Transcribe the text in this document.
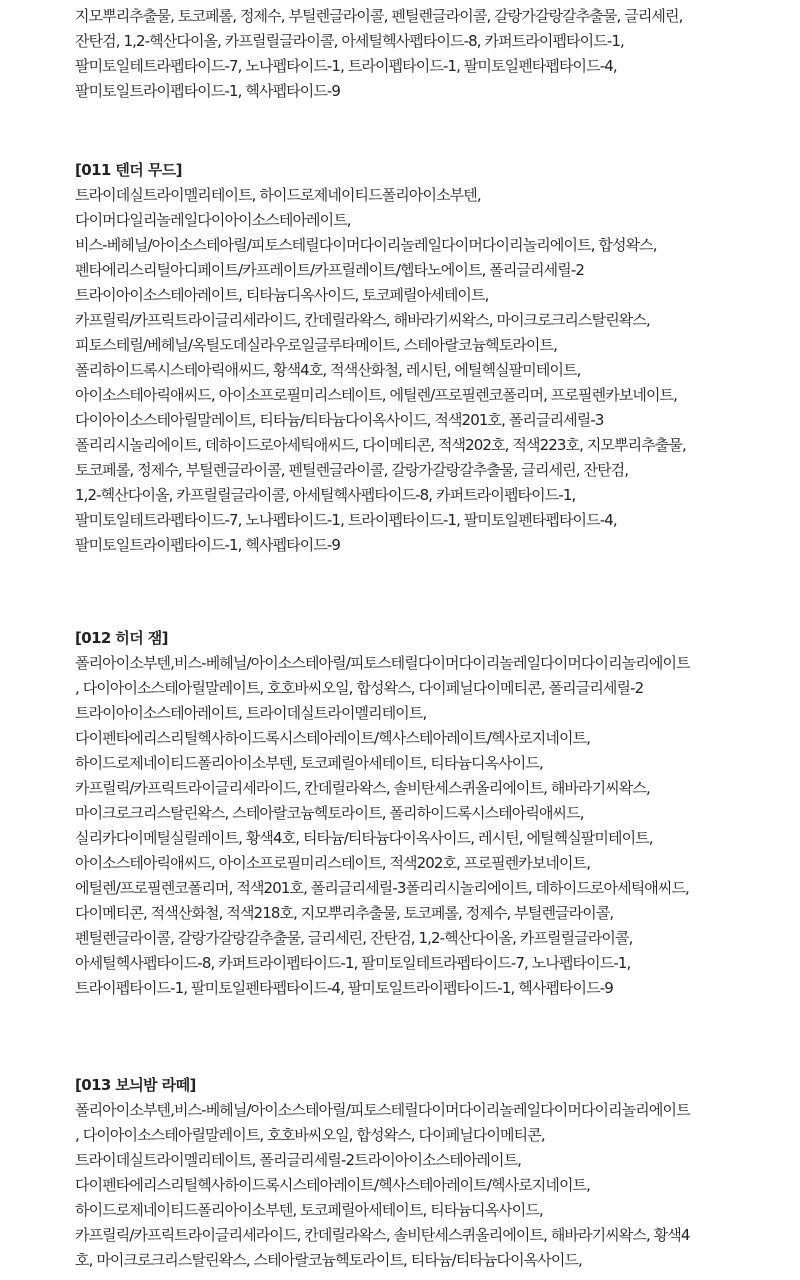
지모뿌리추출물, 토코페롤, 정제수, 부틸렌글라이콜, 펜틸렌글라이콜, 갈랑가갈랑갈추출물, 글리세린,
잔탄검, 1,2-헥산다이올, 카프릴릴글라이콜, 아세틸헥사펩타이드-8, 카퍼트라이펩타이드-1,
팔미토일테트라펩타이드-7, 노나펩타이드-1, 트라이펩타이드-1, 팔미토일펜타펩타이드-4,
팔미토일트라이펩타이드-1, 헥사펩타이드-9
[011 텐더 무드]
트라이데실트라이멜리테이트, 하이드로제네이티드폴리아이소부텐,
다이머다일리놀레일다이아이소스테아레이트,
비스-베헤닐/아이소스테아릴/피토스테릴다이머다이리놀레일다이머다이리놀리에이트, 합성왁스,
펜타에리스리틸아디페이트/카프레이트/카프릴레이트/헵타노에이트, 폴리글리세릴-2
트라이아이소스테아레이트, 티타늄디옥사이드, 토코페릴아세테이트,
카프릴릭/카프릭트라이글리세라이드, 칸데릴라왁스, 해바라기씨왁스, 마이크로크리스탈린왁스,
피토스테릴/베헤닐/옥틸도데실라우로일글루타메이트, 스테아랄코늄헥토라이트,
폴리하이드록시스테아릭애씨드, 황색4호, 적색산화철, 레시틴, 에틸헥실팔미테이트,
아이소스테아릭애씨드, 아이소프로필미리스테이트, 에틸렌/프로필렌코폴리머, 프로필렌카보네이트,
다이아이소스테아릴말레이트, 티타늄/티타늄다이옥사이드, 적색201호, 폴리글리세릴-3
폴리리시놀리에이트, 데하이드로아세틱애씨드, 다이메티콘, 적색202호, 적색223호, 지모뿌리추출물,
토코페롤, 정제수, 부틸렌글라이콜, 펜틸렌글라이콜, 갈랑가갈랑갈추출물, 글리세린, 잔탄검,
1,2-헥산다이올, 카프릴릴글라이콜, 아세틸헥사펩타이드-8, 카퍼트라이펩타이드-1,
팔미토일테트라펩타이드-7, 노나펩타이드-1, 트라이펩타이드-1, 팔미토일펜타펩타이드-4,
팔미토일트라이펩타이드-1, 헥사펩타이드-9
[012 히더 잼]
폴리아이소부텐,비스-베헤닐/아이소스테아릴/피토스테릴다이머다이리놀레일다이머다이리놀리에이트
, 다이아이소스테아릴말레이트, 호호바씨오일, 합성왁스, 다이페닐다이메티콘, 폴리글리세릴-2
트라이아이소스테아레이트, 트라이데실트라이멜리테이트,
다이펜타에리스리틸헥사하이드록시스테아레이트/헥사스테아레이트/헥사로지네이트,
하이드로제네이티드폴리아이소부텐, 토코페릴아세테이트, 티타늄디옥사이드,
카프릴릭/카프릭트라이글리세라이드, 칸데릴라왁스, 솔비탄세스퀴올리에이트, 해바라기씨왁스,
마이크로크리스탈린왁스, 스테아랄코늄헥토라이트, 폴리하이드록시스테아릭애씨드,
실리카다이메틸실릴레이트, 황색4호, 티타늄/티타늄다이옥사이드, 레시틴, 에틸헥실팔미테이트,
아이소스테아릭애씨드, 아이소프로필미리스테이트, 적색202호, 프로필렌카보네이트,
에틸렌/프로필렌코폴리머, 적색201호, 폴리글리세릴-3폴리리시놀리에이트, 데하이드로아세틱애씨드,
다이메티콘, 적색산화철, 적색218호, 지모뿌리추출물, 토코페롤, 정제수, 부틸렌글라이콜,
펜틸렌글라이콜, 갈랑가갈랑갈추출물, 글리세린, 잔탄검, 1,2-헥산다이올, 카프릴릴글라이콜,
아세틸헥사펩타이드-8, 카퍼트라이펩타이드-1, 팔미토일테트라펩타이드-7, 노나펩타이드-1,
트라이펩타이드-1, 팔미토일펜타펩타이드-4, 팔미토일트라이펩타이드-1, 헥사펩타이드-9
[013 보늬밤 라떼]
폴리아이소부텐,비스-베헤닐/아이소스테아릴/피토스테릴다이머다이리놀레일다이머다이리놀리에이트
, 다이아이소스테아릴말레이트, 호호바씨오일, 합성왁스, 다이페닐다이메티콘,
트라이데실트라이멜리테이트, 폴리글리세릴-2트라이아이소스테아레이트,
다이펜타에리스리틸헥사하이드록시스테아레이트/헥사스테아레이트/헥사로지네이트,
하이드로제네이티드폴리아이소부텐, 토코페릴아세테이트, 티타늄디옥사이드,
카프릴릭/카프릭트라이글리세라이드, 칸데릴라왁스, 솔비탄세스퀴올리에이트, 해바라기씨왁스, 황색4
호, 마이크로크리스탈린왁스, 스테아랄코늄헥토라이트, 티타늄/티타늄다이옥사이드,
